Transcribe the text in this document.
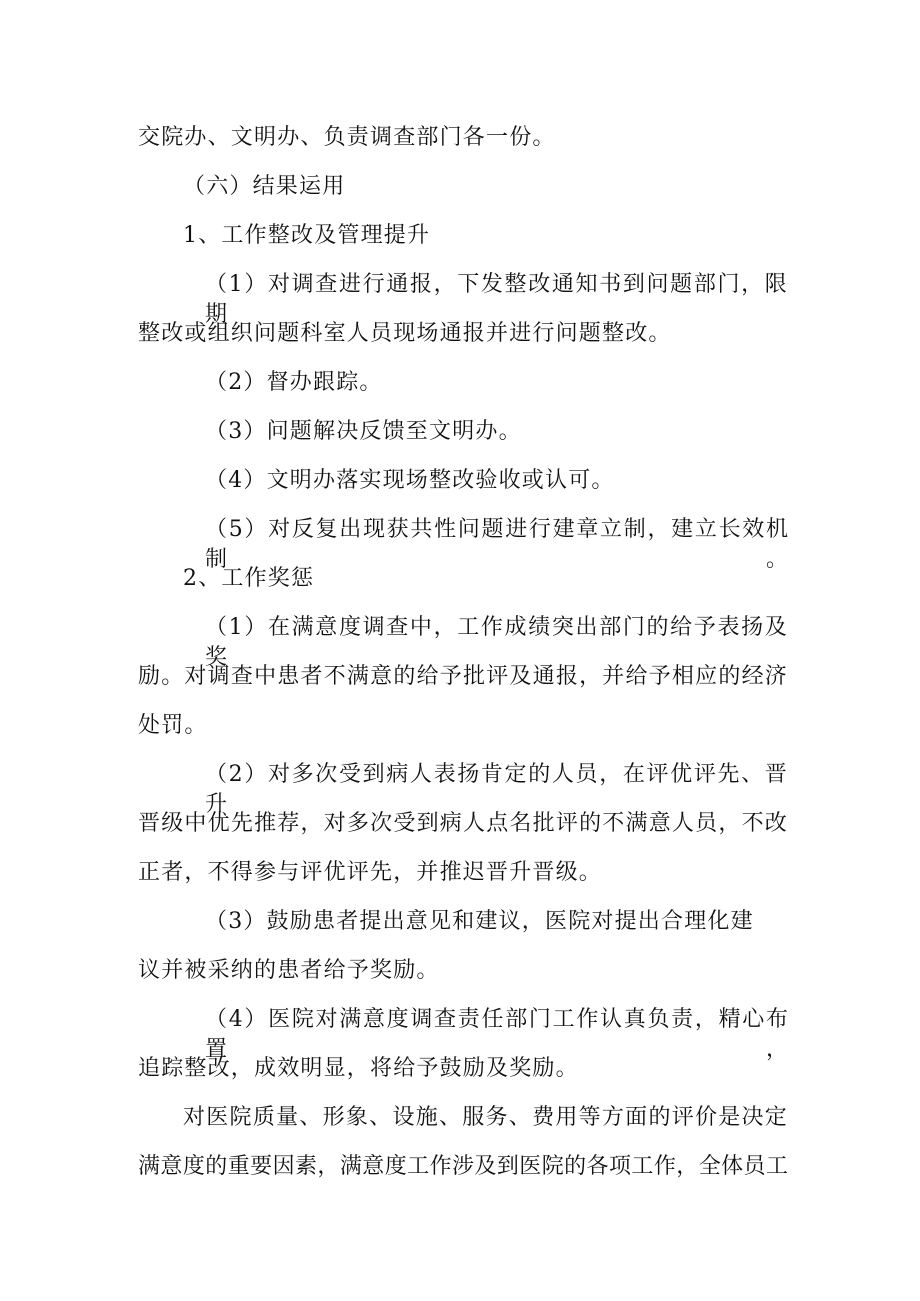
交院办、文明办、负责调查部门各一份。
（六）结果运用
1、工作整改及管理提升
（1）对调查进行通报，下发整改通知书到问题部门，限期
整改或组织问题科室人员现场通报并进行问题整改。
（2）督办跟踪。
（3）问题解决反馈至文明办。
（4）文明办落实现场整改验收或认可。
（5）对反复出现获共性问题进行建章立制，建立长效机制。
2、工作奖惩
（1）在满意度调查中，工作成绩突出部门的给予表扬及奖
励。对调查中患者不满意的给予批评及通报，并给予相应的经济
处罚。
（2）对多次受到病人表扬肯定的人员，在评优评先、晋升
晋级中优先推荐，对多次受到病人点名批评的不满意人员，不改
正者，不得参与评优评先，并推迟晋升晋级。
（3）鼓励患者提出意见和建议，医院对提出合理化建
议并被采纳的患者给予奖励。
（4）医院对满意度调查责任部门工作认真负责，精心布置，
追踪整改，成效明显，将给予鼓励及奖励。
对医院质量、形象、设施、服务、费用等方面的评价是决定
满意度的重要因素，满意度工作涉及到医院的各项工作，全体员工
